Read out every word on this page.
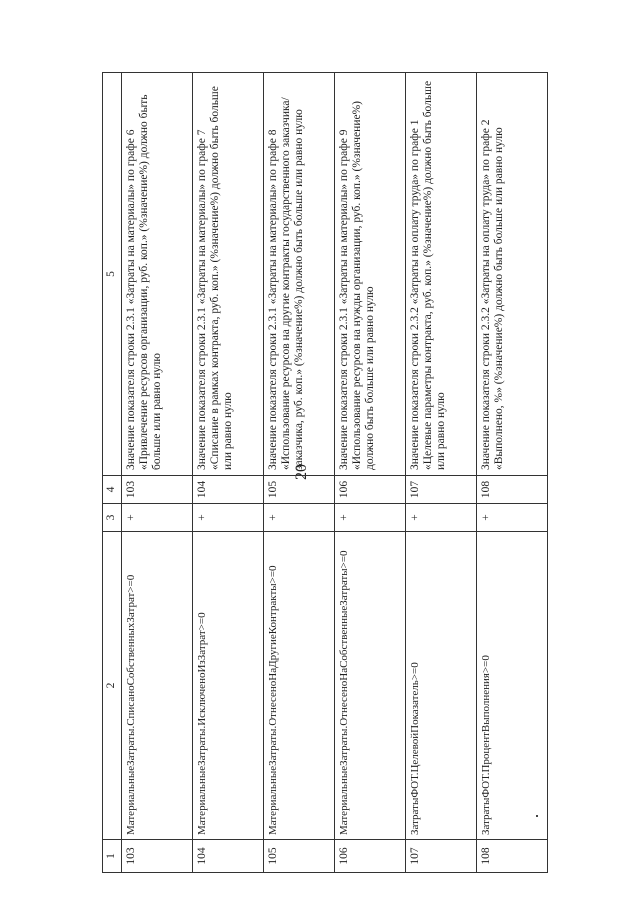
20
1	2	3	4	5
103	МатериальныеЗатраты.СписаноСобственныхЗатрат>=0	+	103	Значение показателя строки 2.3.1 «Затраты на материалы» по графе 6 «Привлечение ресурсов организации, руб. коп.» (%значение%) должно быть больше или равно нулю
104	МатериальныеЗатраты.ИсключеноИзЗатрат>=0	+	104	Значение показателя строки 2.3.1 «Затраты на материалы» по графе 7 «Списание в рамках контракта, руб. коп.» (%значение%) должно быть больше или равно нулю
105	МатериальныеЗатраты.ОтнесеноНаДругиеКонтракты>=0	+	105	Значение показателя строки 2.3.1 «Затраты на материалы» по графе 8 «Использование ресурсов на другие контракты государственного заказчика/заказчика, руб. коп.» (%значение%) должно быть больше или равно нулю
106	МатериальныеЗатраты.ОтнесеноНаСобственныеЗатраты>=0	+	106	Значение показателя строки 2.3.1 «Затраты на материалы» по графе 9 «Использование ресурсов на нужды организации, руб. коп.» (%значение%) должно быть больше или равно нулю
107	ЗатратыФОТ.ЦелевойПоказатель>=0	+	107	Значение показателя строки 2.3.2 «Затраты на оплату труда» по графе 1 «Целевые параметры контракта, руб. коп.» (%значение%) должно быть больше или равно нулю
108	ЗатратыФОТ.ПроцентВыполнения>=0	+	108	Значение показателя строки 2.3.2 «Затраты на оплату труда» по графе 2 «Выполнено, %» (%значение%) должно быть больше или равно нулю
